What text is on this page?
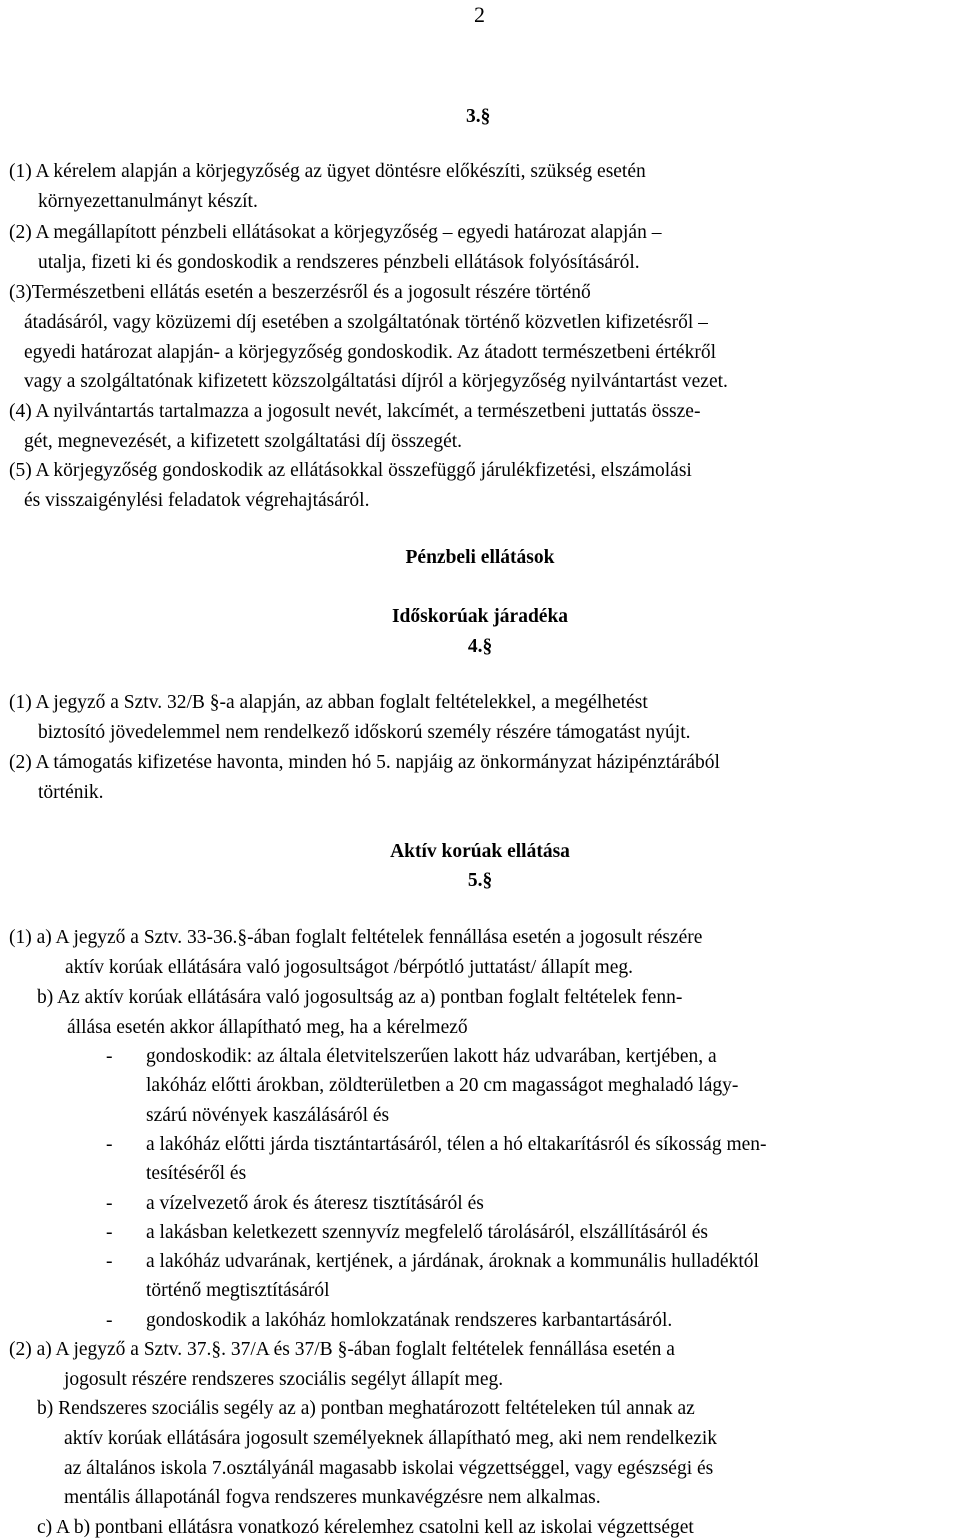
2
3.§
(1) A kérelem alapján a körjegyzőség az ügyet döntésre előkészíti, szükség esetén
környezettanulmányt készít.
(2) A megállapított pénzbeli ellátásokat a körjegyzőség – egyedi határozat alapján –
utalja, fizeti ki és gondoskodik a rendszeres pénzbeli ellátások folyósításáról.
(3)Természetbeni ellátás esetén a beszerzésről és a jogosult részére történő
átadásáról, vagy közüzemi díj esetében a szolgáltatónak történő közvetlen kifizetésről –
egyedi határozat alapján- a körjegyzőség gondoskodik. Az átadott természetbeni értékről
vagy a szolgáltatónak kifizetett közszolgáltatási díjról a körjegyzőség nyilvántartást vezet.
(4) A nyilvántartás tartalmazza a jogosult nevét, lakcímét, a természetbeni juttatás össze-
gét, megnevezését, a kifizetett szolgáltatási díj összegét.
(5) A körjegyzőség gondoskodik az ellátásokkal összefüggő járulékfizetési, elszámolási
és visszaigénylési feladatok végrehajtásáról.
Pénzbeli ellátások
Időskorúak járadéka
4.§
(1) A jegyző a Sztv. 32/B §-a alapján, az abban foglalt feltételekkel, a megélhetést
biztosító jövedelemmel nem rendelkező időskorú személy részére támogatást nyújt.
(2) A támogatás kifizetése havonta, minden hó 5. napjáig az önkormányzat házipénztárából
történik.
Aktív korúak ellátása
5.§
(1) a) A jegyző a Sztv. 33-36.§-ában foglalt feltételek fennállása esetén a jogosult részére
aktív korúak ellátására való jogosultságot /bérpótló juttatást/ állapít meg.
b) Az aktív korúak ellátására való jogosultság az a) pontban foglalt feltételek fenn-
állása esetén akkor állapítható meg, ha a kérelmező
- gondoskodik: az általa életvitelszerűen lakott ház udvarában, kertjében, a
lakóház előtti árokban, zöldterületben a 20 cm magasságot meghaladó lágy-
szárú növények kaszálásáról és
- a lakóház előtti járda tisztántartásáról, télen a hó eltakarításról és síkosság men-
tesítéséről és
- a vízelvezető árok és áteresz tisztításáról és
- a lakásban keletkezett szennyvíz megfelelő tárolásáról, elszállításáról és
- a lakóház udvarának, kertjének, a járdának, ároknak a kommunális hulladéktól
történő megtisztításáról
- gondoskodik a lakóház homlokzatának rendszeres karbantartásáról.
(2) a) A jegyző a Sztv. 37.§. 37/A és 37/B §-ában foglalt feltételek fennállása esetén a
jogosult részére rendszeres szociális segélyt állapít meg.
b) Rendszeres szociális segély az a) pontban meghatározott feltételeken túl annak az
aktív korúak ellátására jogosult személyeknek állapítható meg, aki nem rendelkezik
az általános iskola 7.osztályánál magasabb iskolai végzettséggel, vagy egészségi és
mentális állapotánál fogva rendszeres munkavégzésre nem alkalmas.
c) A b) pontbani ellátásra vonatkozó kérelemhez csatolni kell az iskolai végzettséget
